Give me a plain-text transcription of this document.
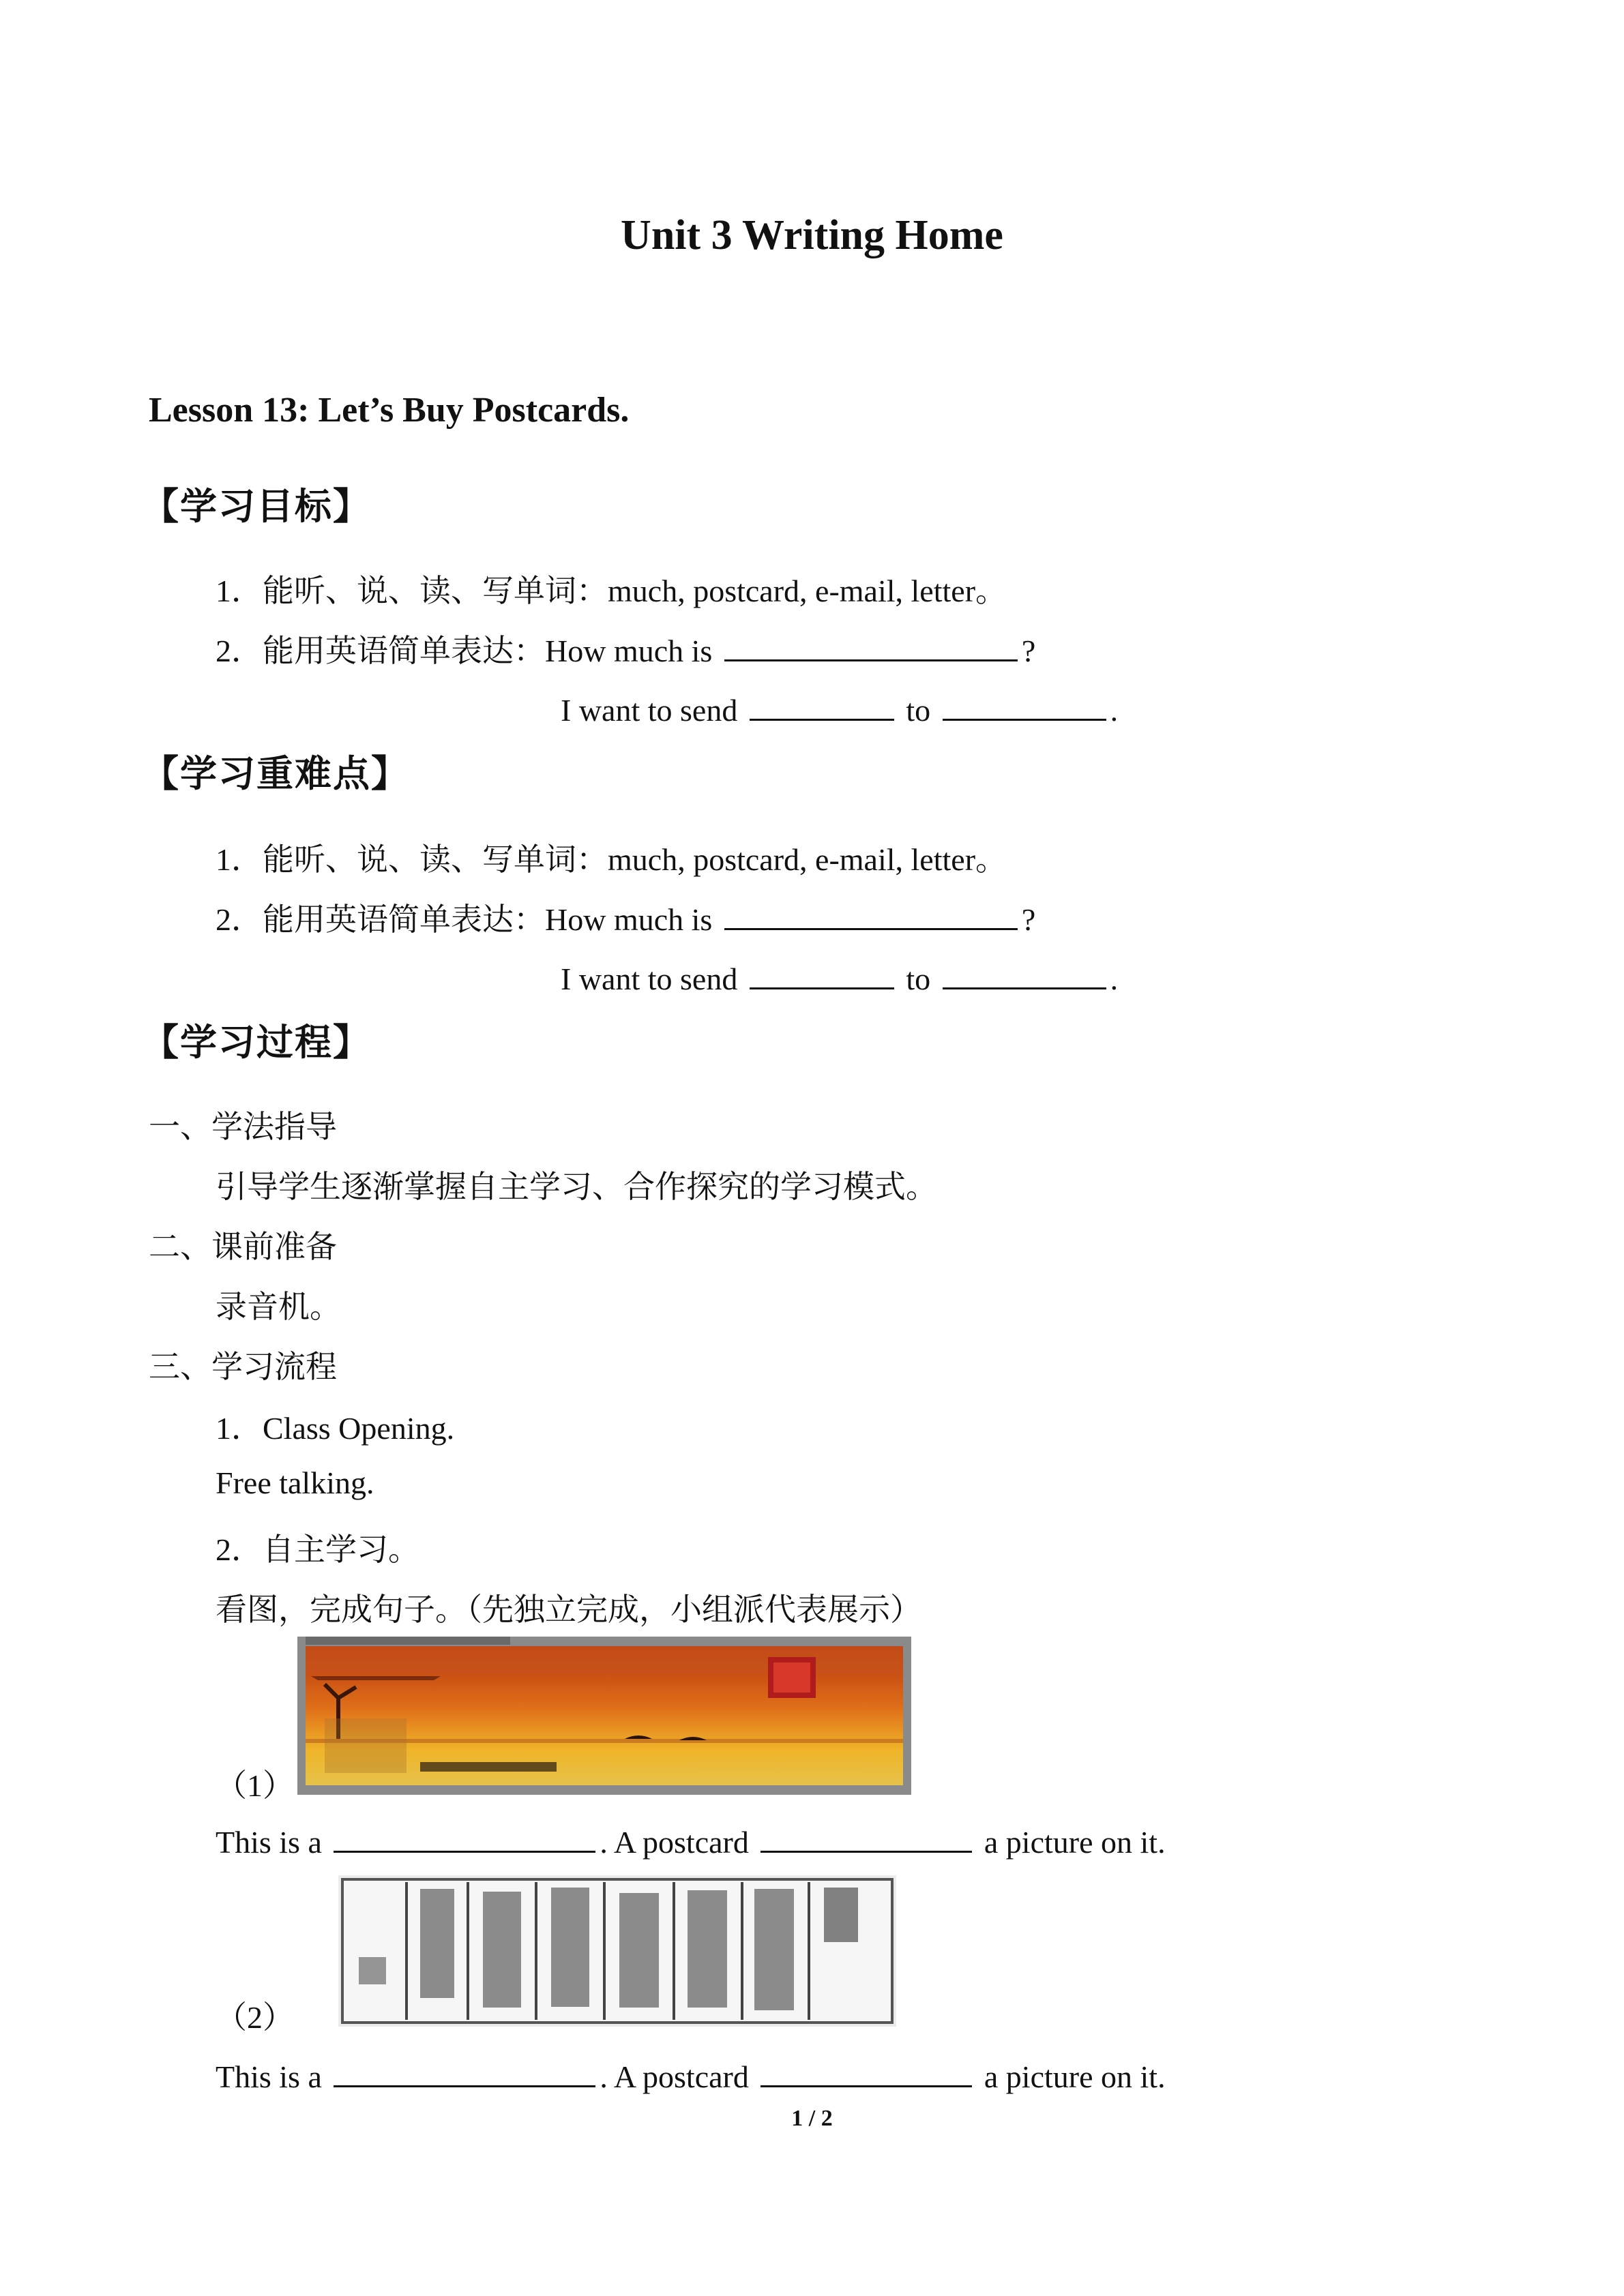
Unit 3 Writing Home
Lesson 13: Let’s Buy Postcards.
【学习目标】
1．能听、说、读、写单词：much, postcard, e-mail, letter。
2．能用英语简单表达：How much is	?
I want to send	to	.
【学习重难点】
1．能听、说、读、写单词：much, postcard, e-mail, letter。
2．能用英语简单表达：How much is	?
I want to send	to	.
【学习过程】
一、学法指导
引导学生逐渐掌握自主学习、合作探究的学习模式。
二、课前准备
录音机。
三、学习流程
1．Class Opening.
Free talking.
2．自主学习。
看图，完成句子。（先独立完成，小组派代表展示）
（1）
This is a	. A postcard	a picture on it.
（2）
This is a	. A postcard	a picture on it.
1 / 2
